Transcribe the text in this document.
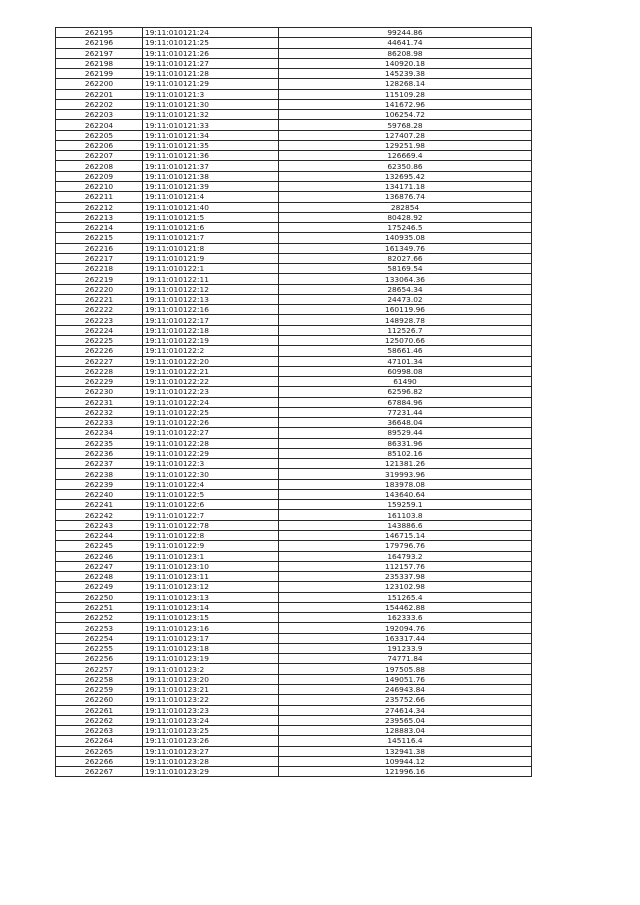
262195	19:11:010121:24	99244.86
262196	19:11:010121:25	44641.74
262197	19:11:010121:26	86208.98
262198	19:11:010121:27	140920.18
262199	19:11:010121:28	145239.38
262200	19:11:010121:29	128268.14
262201	19:11:010121:3	115109.28
262202	19:11:010121:30	141672.96
262203	19:11:010121:32	106254.72
262204	19:11:010121:33	59768.28
262205	19:11:010121:34	127407.28
262206	19:11:010121:35	129251.98
262207	19:11:010121:36	126669.4
262208	19:11:010121:37	62350.86
262209	19:11:010121:38	132695.42
262210	19:11:010121:39	134171.18
262211	19:11:010121:4	136876.74
262212	19:11:010121:40	282854
262213	19:11:010121:5	80428.92
262214	19:11:010121:6	175246.5
262215	19:11:010121:7	140935.08
262216	19:11:010121:8	161349.76
262217	19:11:010121:9	82027.66
262218	19:11:010122:1	58169.54
262219	19:11:010122:11	133064.36
262220	19:11:010122:12	28654.34
262221	19:11:010122:13	24473.02
262222	19:11:010122:16	160119.96
262223	19:11:010122:17	148928.78
262224	19:11:010122:18	112526.7
262225	19:11:010122:19	125070.66
262226	19:11:010122:2	58661.46
262227	19:11:010122:20	47101.34
262228	19:11:010122:21	60998.08
262229	19:11:010122:22	61490
262230	19:11:010122:23	62596.82
262231	19:11:010122:24	67884.96
262232	19:11:010122:25	77231.44
262233	19:11:010122:26	36648.04
262234	19:11:010122:27	89529.44
262235	19:11:010122:28	86331.96
262236	19:11:010122:29	85102.16
262237	19:11:010122:3	121381.26
262238	19:11:010122:30	319993.96
262239	19:11:010122:4	183978.08
262240	19:11:010122:5	143640.64
262241	19:11:010122:6	159259.1
262242	19:11:010122:7	161103.8
262243	19:11:010122:78	143886.6
262244	19:11:010122:8	146715.14
262245	19:11:010122:9	179796.76
262246	19:11:010123:1	164793.2
262247	19:11:010123:10	112157.76
262248	19:11:010123:11	235337.98
262249	19:11:010123:12	123102.98
262250	19:11:010123:13	151265.4
262251	19:11:010123:14	154462.88
262252	19:11:010123:15	162333.6
262253	19:11:010123:16	192094.76
262254	19:11:010123:17	163317.44
262255	19:11:010123:18	191233.9
262256	19:11:010123:19	74771.84
262257	19:11:010123:2	197505.88
262258	19:11:010123:20	149051.76
262259	19:11:010123:21	246943.84
262260	19:11:010123:22	235752.66
262261	19:11:010123:23	274614.34
262262	19:11:010123:24	239565.04
262263	19:11:010123:25	128883.04
262264	19:11:010123:26	145116.4
262265	19:11:010123:27	132941.38
262266	19:11:010123:28	109944.12
262267	19:11:010123:29	121996.16
